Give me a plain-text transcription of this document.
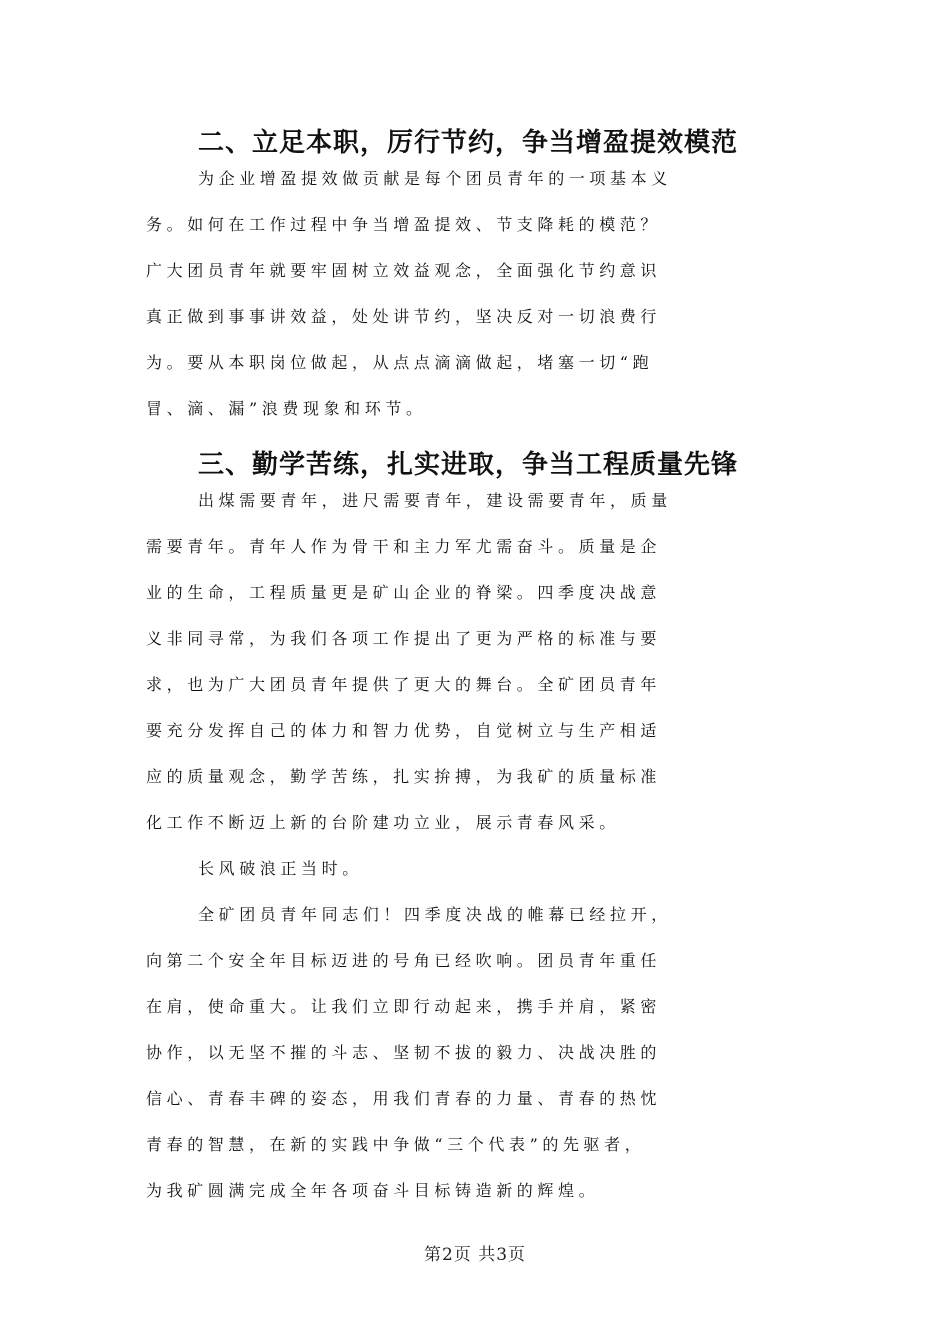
二、立足本职，厉行节约，争当增盈提效模范
为企业增盈提效做贡献是每个团员青年的一项基本义
务。如何在工作过程中争当增盈提效、节支降耗的模范？
广大团员青年就要牢固树立效益观念，全面强化节约意识
真正做到事事讲效益，处处讲节约，坚决反对一切浪费行
为。要从本职岗位做起，从点点滴滴做起，堵塞一切“跑
冒、滴、漏”浪费现象和环节。
三、勤学苦练，扎实进取，争当工程质量先锋
出煤需要青年，进尺需要青年，建设需要青年，质量
需要青年。青年人作为骨干和主力军尤需奋斗。质量是企
业的生命，工程质量更是矿山企业的脊梁。四季度决战意
义非同寻常，为我们各项工作提出了更为严格的标准与要
求，也为广大团员青年提供了更大的舞台。全矿团员青年
要充分发挥自己的体力和智力优势，自觉树立与生产相适
应的质量观念，勤学苦练，扎实拚搏，为我矿的质量标准
化工作不断迈上新的台阶建功立业，展示青春风采。
长风破浪正当时。
全矿团员青年同志们！四季度决战的帷幕已经拉开，
向第二个安全年目标迈进的号角已经吹响。团员青年重任
在肩，使命重大。让我们立即行动起来，携手并肩，紧密
协作，以无坚不摧的斗志、坚韧不拔的毅力、决战决胜的
信心、青春丰碑的姿态，用我们青春的力量、青春的热忱
青春的智慧，在新的实践中争做“三个代表”的先驱者，
为我矿圆满完成全年各项奋斗目标铸造新的辉煌。
第2页 共3页
